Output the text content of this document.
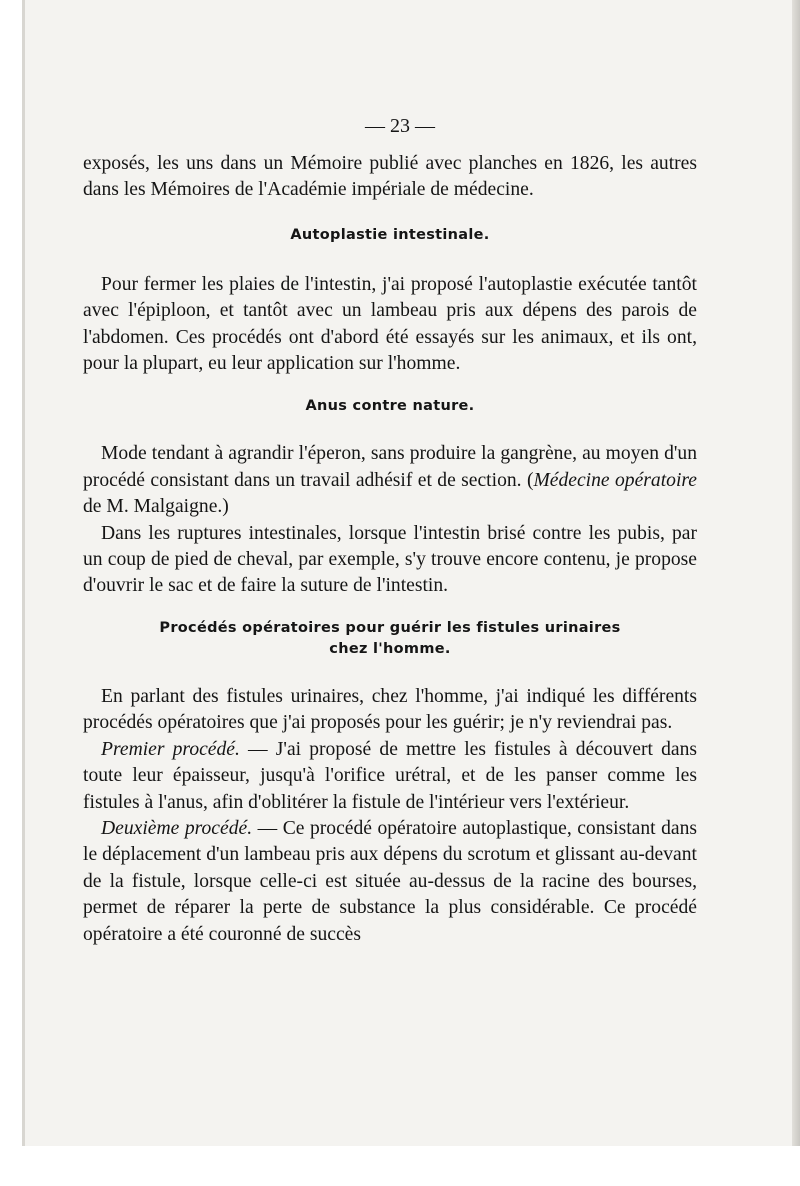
— 23 —

exposés, les uns dans un Mémoire publié avec planches en 1826, les autres dans les Mémoires de l'Académie impériale de médecine.

Autoplastie intestinale.

Pour fermer les plaies de l'intestin, j'ai proposé l'autoplastie exécutée tantôt avec l'épiploon, et tantôt avec un lambeau pris aux dépens des parois de l'abdomen. Ces procédés ont d'abord été essayés sur les animaux, et ils ont, pour la plupart, eu leur application sur l'homme.

Anus contre nature.

Mode tendant à agrandir l'éperon, sans produire la gangrène, au moyen d'un procédé consistant dans un travail adhésif et de section. (Médecine opératoire de M. Malgaigne.)

Dans les ruptures intestinales, lorsque l'intestin brisé contre les pubis, par un coup de pied de cheval, par exemple, s'y trouve encore contenu, je propose d'ouvrir le sac et de faire la suture de l'intestin.

Procédés opératoires pour guérir les fistules urinaires
chez l'homme.

En parlant des fistules urinaires, chez l'homme, j'ai indiqué les différents procédés opératoires que j'ai proposés pour les guérir; je n'y reviendrai pas.

Premier procédé. — J'ai proposé de mettre les fistules à découvert dans toute leur épaisseur, jusqu'à l'orifice urétral, et de les panser comme les fistules à l'anus, afin d'oblitérer la fistule de l'intérieur vers l'extérieur.

Deuxième procédé. — Ce procédé opératoire autoplastique, consistant dans le déplacement d'un lambeau pris aux dépens du scrotum et glissant au-devant de la fistule, lorsque celle-ci est située au-dessus de la racine des bourses, permet de réparer la perte de substance la plus considérable. Ce procédé opératoire a été couronné de succès
